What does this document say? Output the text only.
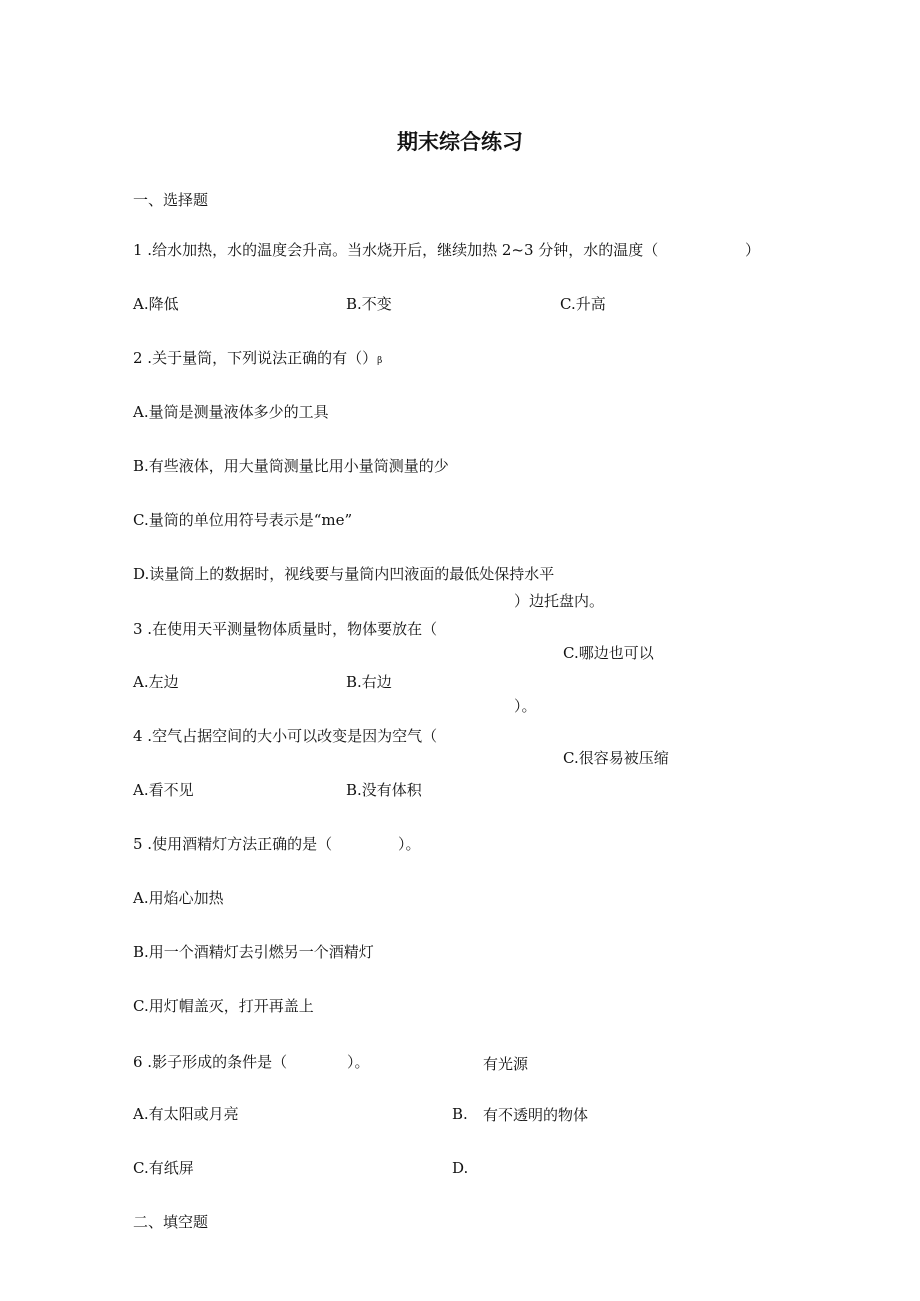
期末综合练习
一、选择题
1 .给水加热，水的温度会升高。当水烧开后，继续加热 2~3 分钟，水的温度（	）
A.降低	B.不变	C.升高
2 .关于量筒，下列说法正确的有（）β
A.量筒是测量液体多少的工具
B.有些液体，用大量筒测量比用小量筒测量的少
C.量筒的单位用符号表示是“me”
D.读量筒上的数据时，视线要与量筒内凹液面的最低处保持水平
）边托盘内。
3 .在使用天平测量物体质量时，物体要放在（
C.哪边也可以
A.左边	B.右边
）。
4 .空气占据空间的大小可以改变是因为空气（
C.很容易被压缩
A.看不见	B.没有体积
5 .使用酒精灯方法正确的是（	）。
A.用焰心加热
B.用一个酒精灯去引燃另一个酒精灯
C.用灯帽盖灭，打开再盖上
6 .影子形成的条件是（	）。	有光源
A.有太阳或月亮	B. 有不透明的物体
C.有纸屏	D.
二、填空题
